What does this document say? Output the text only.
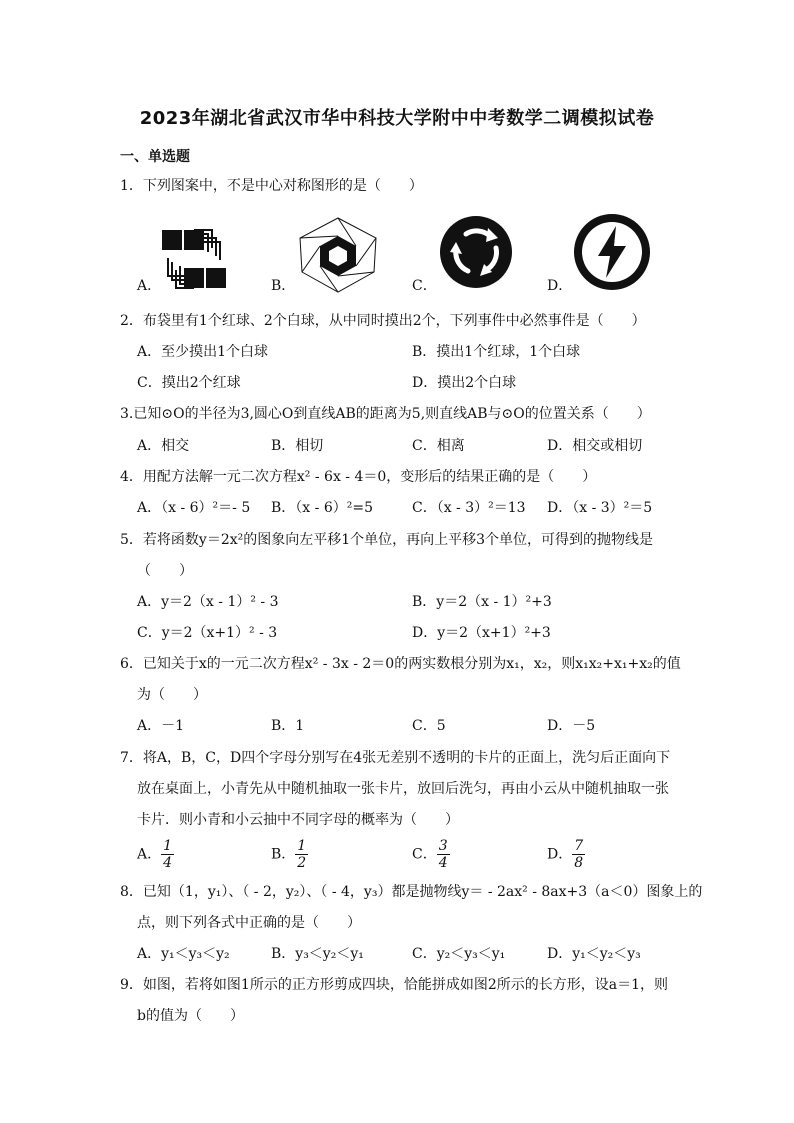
2023年湖北省武汉市华中科技大学附中中考数学二调模拟试卷
一、单选题
1．下列图案中，不是中心对称图形的是（　　）
A．	B．	C．	D．
2．布袋里有1个红球、2个白球，从中同时摸出2个，下列事件中必然事件是（　　）
A．至少摸出1个白球	B．摸出1个红球，1个白球
C．摸出2个红球	D．摸出2个白球
3.已知⊙O的半径为3,圆心O到直线AB的距离为5,则直线AB与⊙O的位置关系（　　）
A．相交	B．相切	C．相离	D．相交或相切
4．用配方法解一元二次方程x² - 6x - 4＝0，变形后的结果正确的是（　　）
A．（x - 6）²＝- 5 B．（x - 6）²=5	C．（x - 3）²＝13 D．（x - 3）²＝5
5．若将函数y＝2x²的图象向左平移1个单位，再向上平移3个单位，可得到的抛物线是
（　　）
A．y＝2（x - 1）² - 3	B．y＝2（x - 1）²+3
C．y＝2（x+1）² - 3	D．y＝2（x+1）²+3
6．已知关于x的一元二次方程x² - 3x - 2＝0的两实数根分别为x₁，x₂，则x₁x₂+x₁+x₂的值
为（　　）
A．－1	B．1	C．5	D．－5
7．将A，B，C，D四个字母分别写在4张无差别不透明的卡片的正面上，洗匀后正面向下
放在桌面上，小青先从中随机抽取一张卡片，放回后洗匀，再由小云从中随机抽取一张
卡片．则小青和小云抽中不同字母的概率为（　　）
A． $\frac{1}{4}$	B． $\frac{1}{2}$	C． $\frac{3}{4}$	D． $\frac{7}{8}$
8．已知（1，y₁）、（ - 2，y₂）、（ - 4，y₃）都是抛物线y＝ - 2ax² - 8ax+3（a＜0）图象上的
点，则下列各式中正确的是（　　）
A．y₁＜y₃＜y₂	B．y₃＜y₂＜y₁	C．y₂＜y₃＜y₁	D．y₁＜y₂＜y₃
9．如图，若将如图1所示的正方形剪成四块，恰能拼成如图2所示的长方形，设a＝1，则
b的值为（　　）
